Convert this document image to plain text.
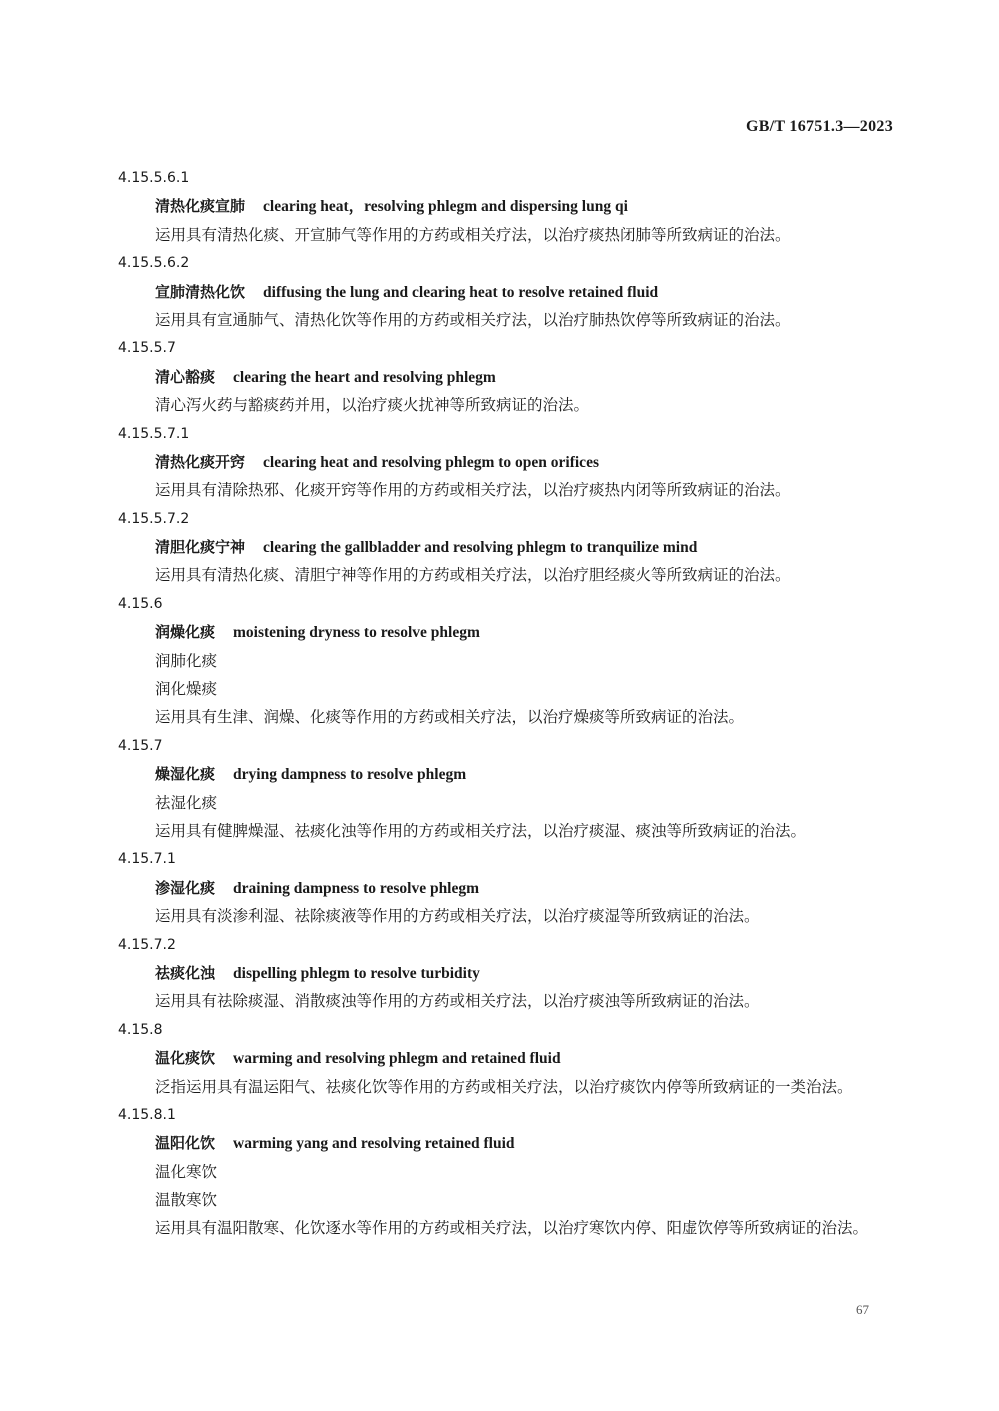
GB/T 16751.3—2023
4.15.5.6.1
清热化痰宣肺 clearing heat，resolving phlegm and dispersing lung qi
运用具有清热化痰、开宣肺气等作用的方药或相关疗法，以治疗痰热闭肺等所致病证的治法。
4.15.5.6.2
宣肺清热化饮 diffusing the lung and clearing heat to resolve retained fluid
运用具有宣通肺气、清热化饮等作用的方药或相关疗法，以治疗肺热饮停等所致病证的治法。
4.15.5.7
清心豁痰 clearing the heart and resolving phlegm
清心泻火药与豁痰药并用，以治疗痰火扰神等所致病证的治法。
4.15.5.7.1
清热化痰开窍 clearing heat and resolving phlegm to open orifices
运用具有清除热邪、化痰开窍等作用的方药或相关疗法，以治疗痰热内闭等所致病证的治法。
4.15.5.7.2
清胆化痰宁神 clearing the gallbladder and resolving phlegm to tranquilize mind
运用具有清热化痰、清胆宁神等作用的方药或相关疗法，以治疗胆经痰火等所致病证的治法。
4.15.6
润燥化痰 moistening dryness to resolve phlegm
润肺化痰
润化燥痰
运用具有生津、润燥、化痰等作用的方药或相关疗法，以治疗燥痰等所致病证的治法。
4.15.7
燥湿化痰 drying dampness to resolve phlegm
祛湿化痰
运用具有健脾燥湿、祛痰化浊等作用的方药或相关疗法，以治疗痰湿、痰浊等所致病证的治法。
4.15.7.1
渗湿化痰 draining dampness to resolve phlegm
运用具有淡渗利湿、祛除痰液等作用的方药或相关疗法，以治疗痰湿等所致病证的治法。
4.15.7.2
祛痰化浊 dispelling phlegm to resolve turbidity
运用具有祛除痰湿、消散痰浊等作用的方药或相关疗法，以治疗痰浊等所致病证的治法。
4.15.8
温化痰饮 warming and resolving phlegm and retained fluid
泛指运用具有温运阳气、祛痰化饮等作用的方药或相关疗法，以治疗痰饮内停等所致病证的一类治法。
4.15.8.1
温阳化饮 warming yang and resolving retained fluid
温化寒饮
温散寒饮
运用具有温阳散寒、化饮逐水等作用的方药或相关疗法，以治疗寒饮内停、阳虚饮停等所致病证的治法。
67
